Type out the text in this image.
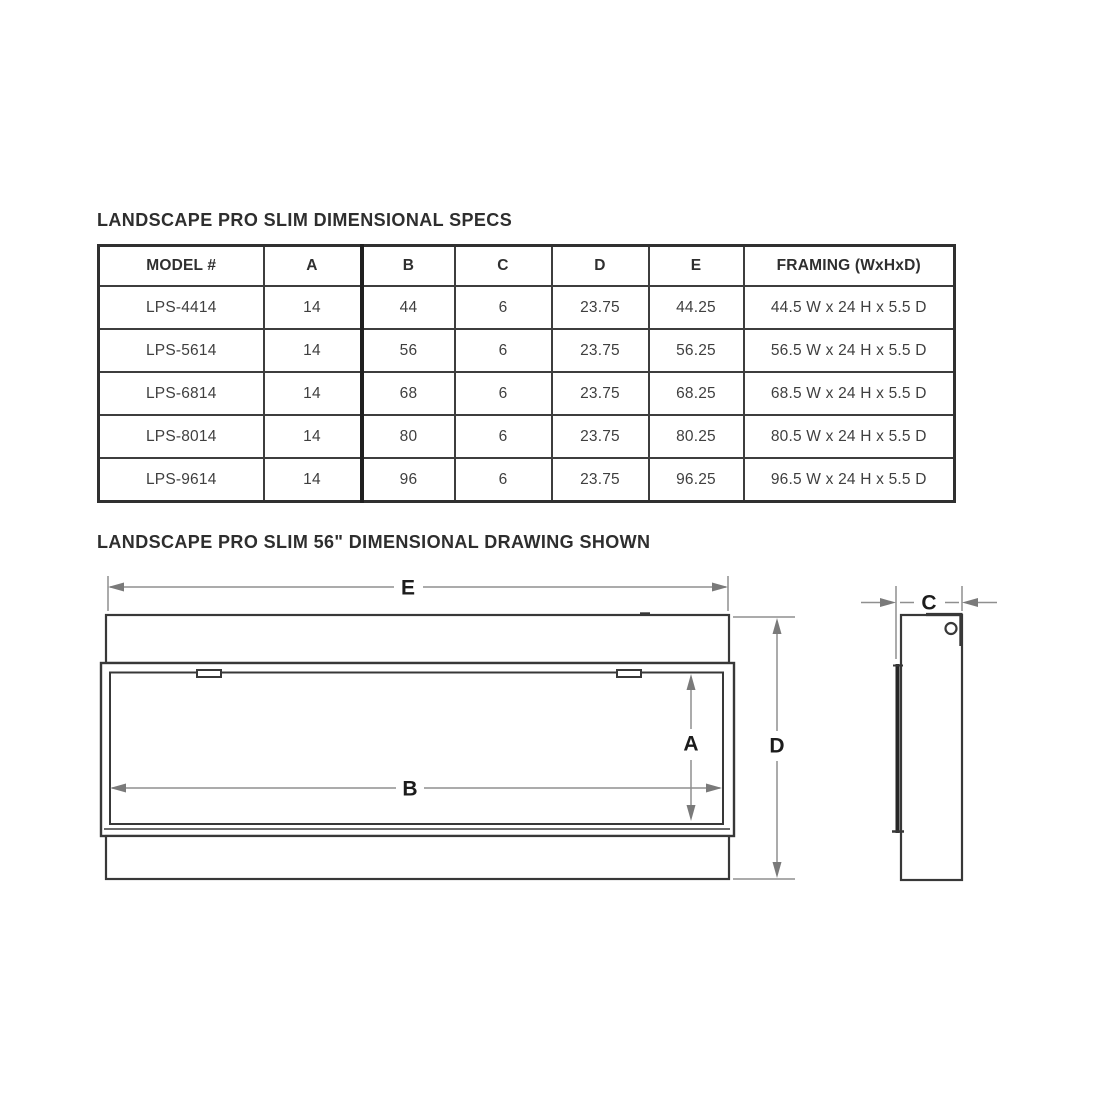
LANDSCAPE PRO SLIM DIMENSIONAL SPECS
MODEL #	A	B	C	D	E	FRAMING (WxHxD)
LPS-4414	14	44	6	23.75	44.25	44.5 W x 24 H x 5.5 D
LPS-5614	14	56	6	23.75	56.25	56.5 W x 24 H x 5.5 D
LPS-6814	14	68	6	23.75	68.25	68.5 W x 24 H x 5.5 D
LPS-8014	14	80	6	23.75	80.25	80.5 W x 24 H x 5.5 D
LPS-9614	14	96	6	23.75	96.25	96.5 W x 24 H x 5.5 D
LANDSCAPE PRO SLIM 56" DIMENSIONAL DRAWING SHOWN
E
A
B
D
C
